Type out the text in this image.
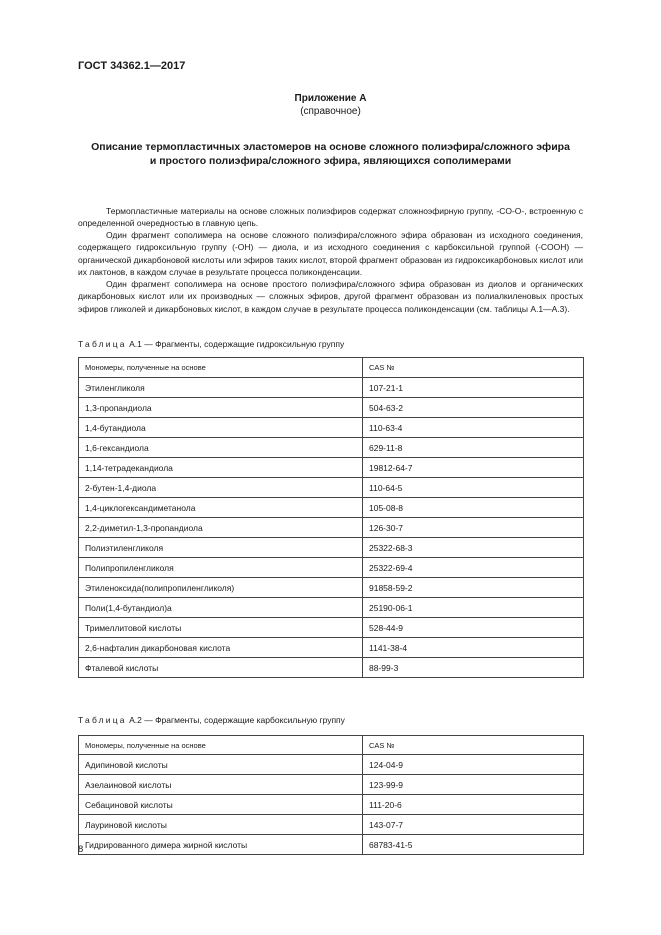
ГОСТ 34362.1—2017
Приложение А
(справочное)
Описание термопластичных эластомеров на основе сложного полиэфира/сложного эфира
и простого полиэфира/сложного эфира, являющихся сополимерами

Термопластичные материалы на основе сложных полиэфиров содержат сложноэфирную группу, -CO-O-, встроенную с определенной очередностью в главную цепь.

Один фрагмент сополимера на основе сложного полиэфира/сложного эфира образован из исходного соединения, содержащего гидроксильную группу (-OH) — диола, и из исходного соединения с карбоксильной группой (-COOH) — органической дикарбоновой кислоты или эфиров таких кислот, второй фрагмент образован из гидроксикарбоновых кислот или их лактонов, в каждом случае в результате процесса поликонденсации.

Один фрагмент сополимера на основе простого полиэфира/сложного эфира образован из диолов и органических дикарбоновых кислот или их производных — сложных эфиров, другой фрагмент образован из полиалкиленовых простых эфиров гликолей и дикарбоновых кислот, в каждом случае в результате процесса поликонденсации (см. таблицы А.1—А.3).

Таблица А.1 — Фрагменты, содержащие гидроксильную группу
Мономеры, полученные на основе	CAS №
Этиленгликоля	107-21-1
1,3-пропандиола	504-63-2
1,4-бутандиола	110-63-4
1,6-гександиола	629-11-8
1,14-тетрадекандиола	19812-64-7
2-бутен-1,4-диола	110-64-5
1,4-циклогександиметанола	105-08-8
2,2-диметил-1,3-пропандиола	126-30-7
Полиэтиленгликоля	25322-68-3
Полипропиленгликоля	25322-69-4
Этиленоксида(полипропиленгликоля)	91858-59-2
Поли(1,4-бутандиол)а	25190-06-1
Тримеллитовой кислоты	528-44-9
2,6-нафталин дикарбоновая кислота	1141-38-4
Фталевой кислоты	88-99-3
Таблица А.2 — Фрагменты, содержащие карбоксильную группу
Мономеры, полученные на основе	CAS №
Адипиновой кислоты	124-04-9
Азелаиновой кислоты	123-99-9
Себациновой кислоты	111-20-6
Лауриновой кислоты	143-07-7
Гидрированного димера жирной кислоты	68783-41-5
8
